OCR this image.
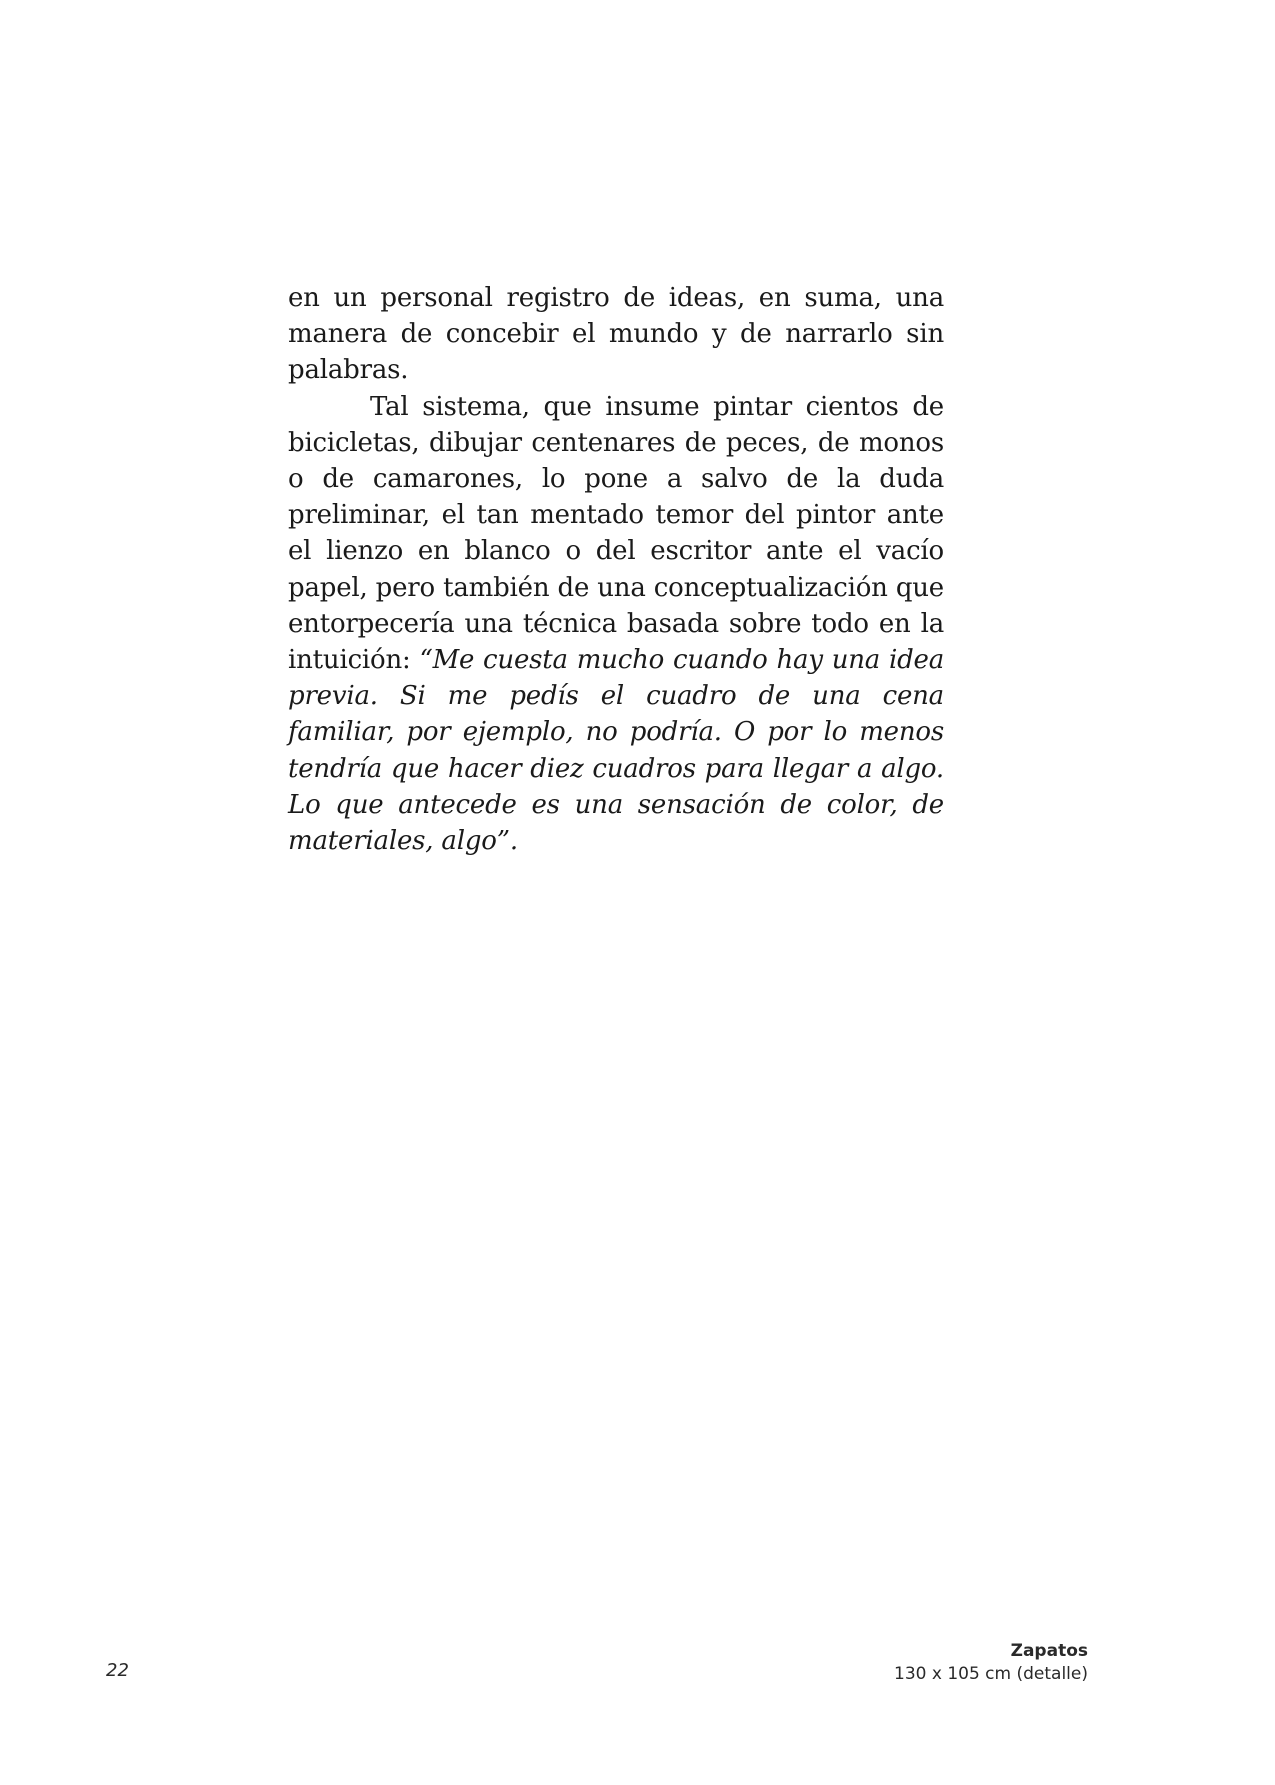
en un personal registro de ideas, en suma, una manera de concebir el mundo y de narrarlo sin palabras.

Tal sistema, que insume pintar cientos de bicicletas, dibujar centenares de peces, de monos o de camarones, lo pone a salvo de la duda preliminar, el tan mentado temor del pintor ante el lienzo en blanco o del escritor ante el vacío papel, pero también de una conceptualización que entorpecería una técnica basada sobre todo en la intuición: “Me cuesta mucho cuando hay una idea previa. Si me pedís el cuadro de una cena familiar, por ejemplo, no podría. O por lo menos tendría que hacer diez cuadros para llegar a algo. Lo que antecede es una sensación de color, de materiales, algo”.

Zapatos
130 x 105 cm (detalle)
22
